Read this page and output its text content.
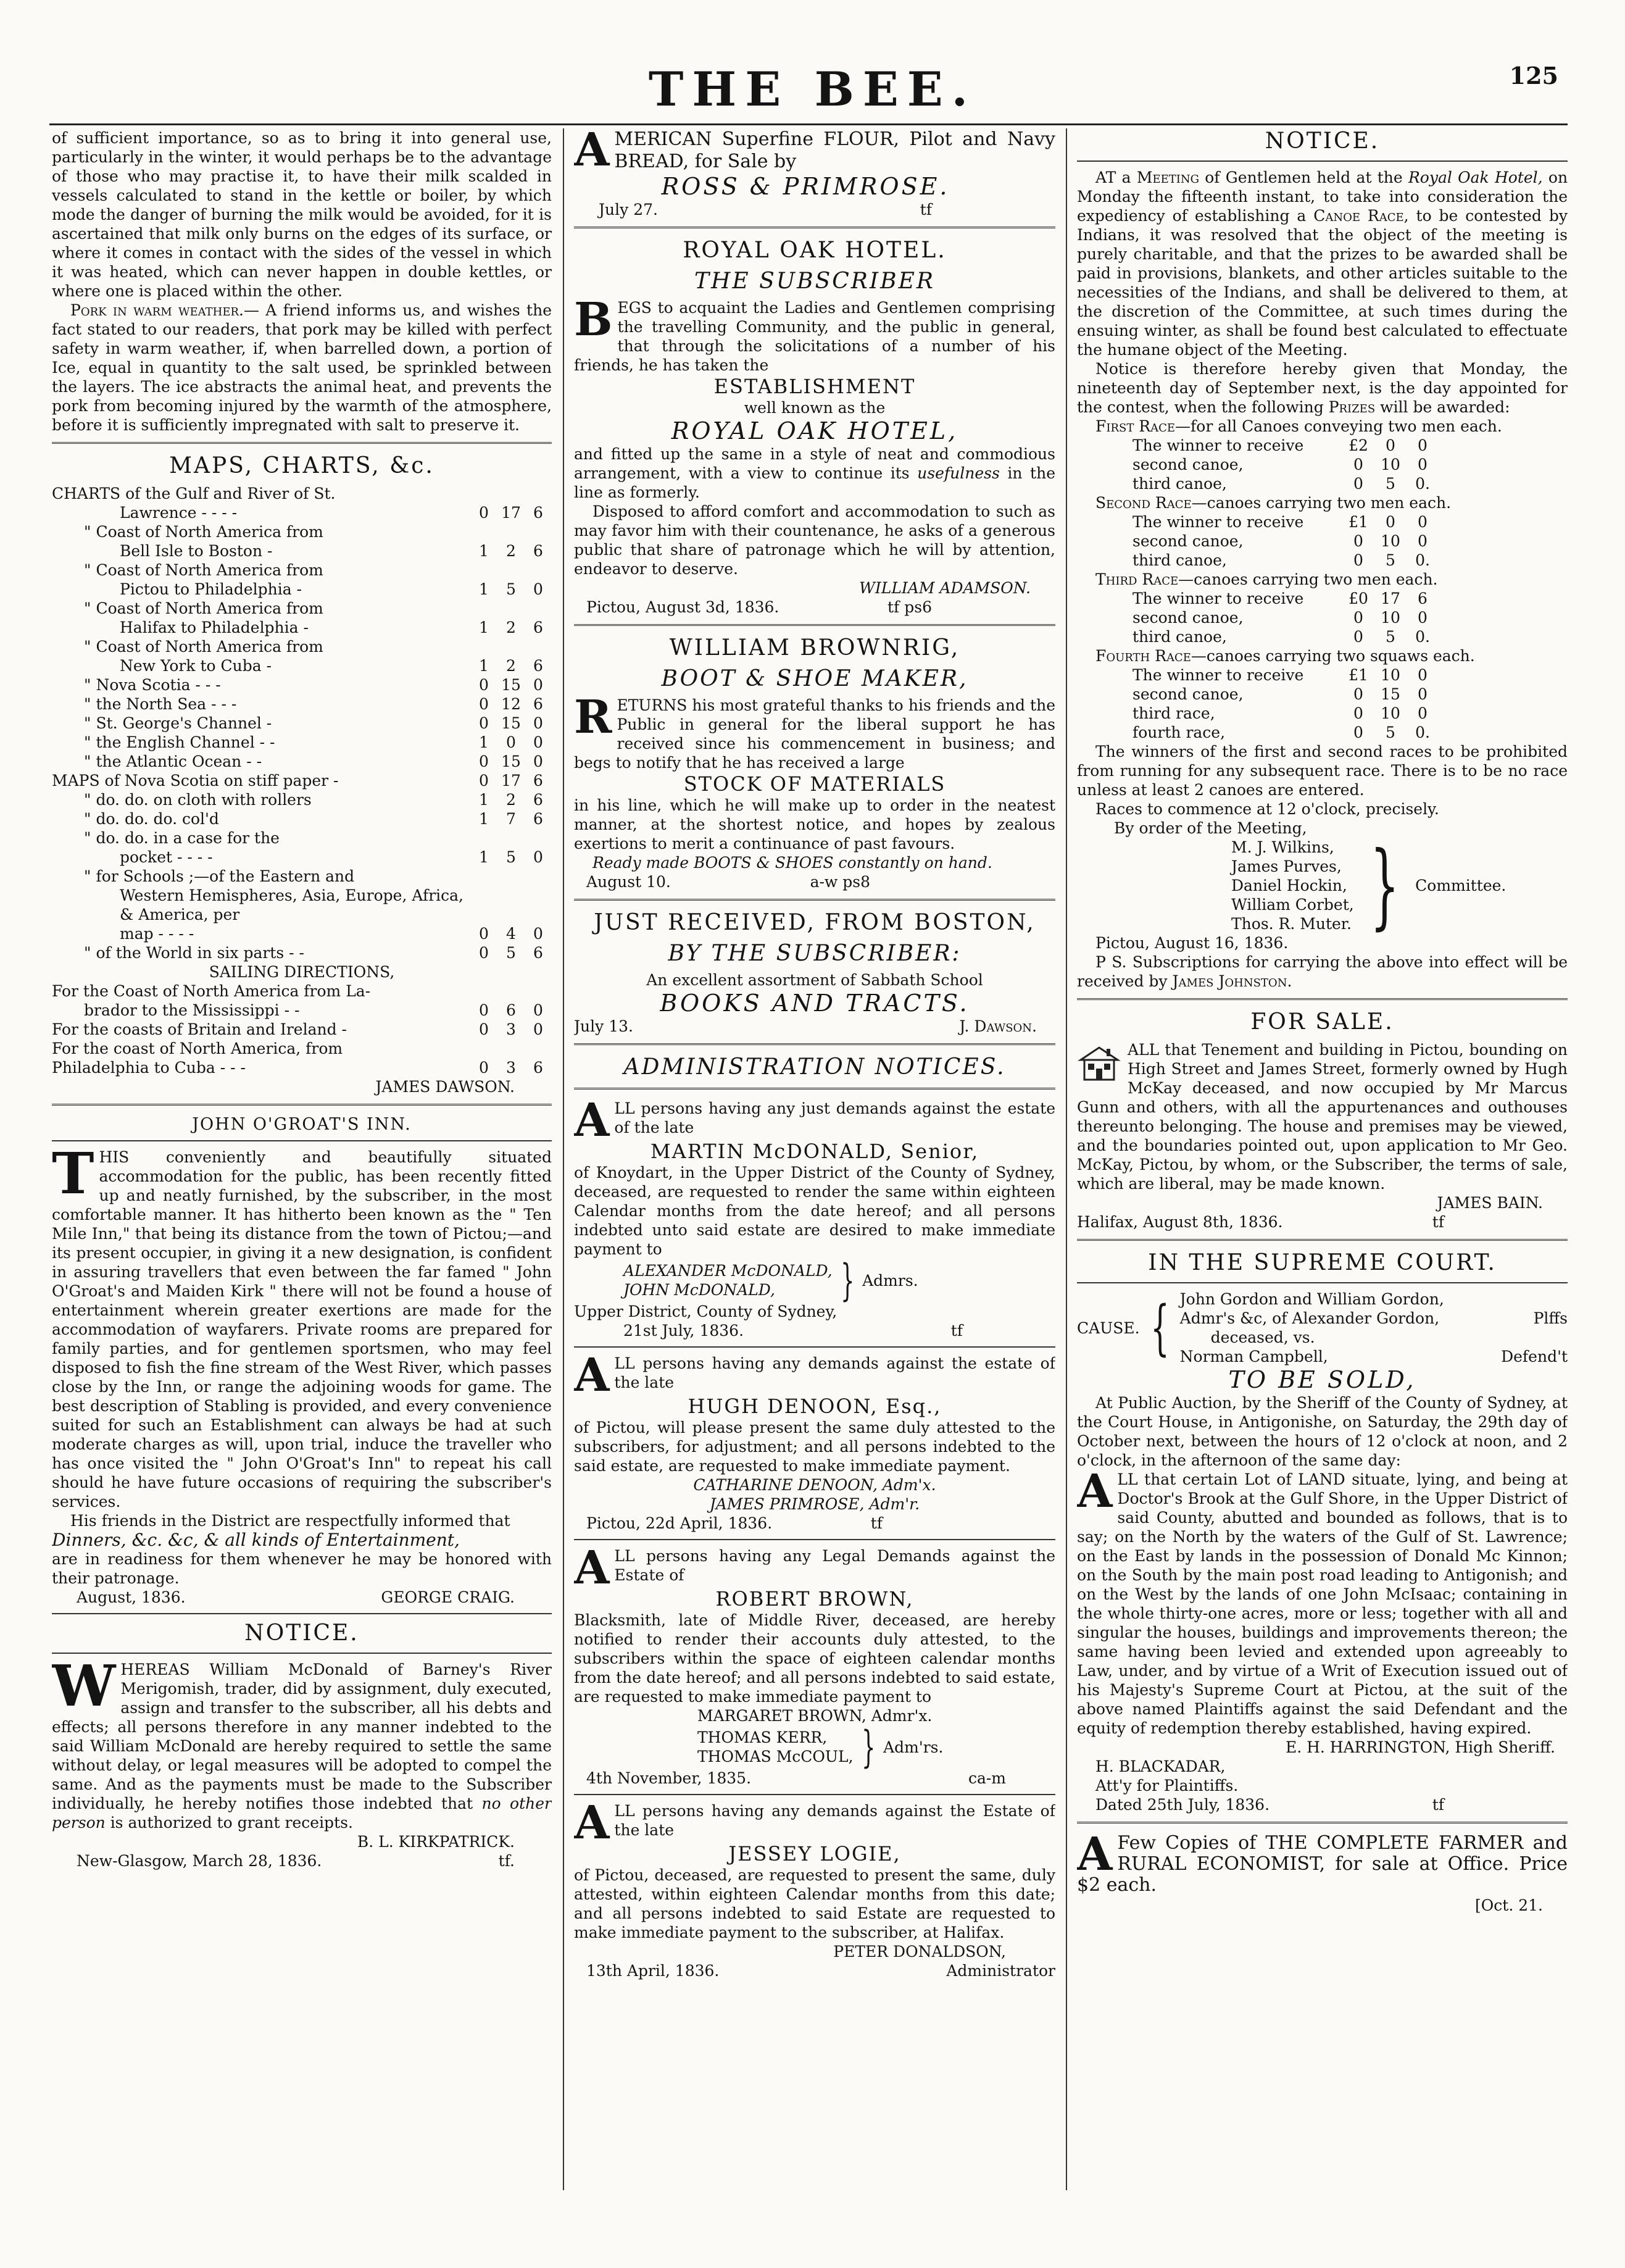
THE BEE.	125

of sufficient importance, so as to bring it into general use, particularly in the winter, it would perhaps be to the advantage of those who may practise it, to have their milk scalded in vessels calculated to stand in the kettle or boiler, by which mode the danger of burning the milk would be avoided, for it is ascertained that milk only burns on the edges of its surface, or where it comes in contact with the sides of the vessel in which it was heated, which can never happen in double kettles, or where one is placed within the other.

Pork in warm weather.— A friend informs us, and wishes the fact stated to our readers, that pork may be killed with perfect safety in warm weather, if, when barrelled down, a portion of Ice, equal in quantity to the salt used, be sprinkled between the layers. The ice abstracts the animal heat, and prevents the pork from becoming injured by the warmth of the atmosphere, before it is sufficiently impregnated with salt to preserve it.

MAPS, CHARTS, &c.
CHARTS of the Gulf and River of St.
Lawrence - - - -	0 17 6
" Coast of North America from
Bell Isle to Boston -	1	2	6
" Coast of North America from
Pictou to Philadelphia -	1	5	0
" Coast of North America from
Halifax to Philadelphia -	1	2	6
" Coast of North America from
New York to Cuba -	1	2	6
" Nova Scotia - - -	0 15 0
" the North Sea - - -	0 12 6
" St. George's Channel -	0 15 0
" the English Channel - -	1	0	0
" the Atlantic Ocean - -	0 15 0
MAPS of Nova Scotia on stiff paper -	0 17 6
" do. do. on cloth with rollers	1	2	6
" do. do. do. col'd	1	7	6
" do. do. in a case for the
pocket - - - -	1	5	0
" for Schools ;—of the Eastern and
Western Hemispheres, Asia, Europe, Africa, & America, per
map - - - -	0	4	0
" of the World in six parts - -	0	5	6
SAILING DIRECTIONS,
For the Coast of North America from La-
brador to the Mississippi - -	0	6	0
For the coasts of Britain and Ireland -	0	3	0
For the coast of North America, from
Philadelphia to Cuba - - -	0	3	6
JAMES DAWSON.
JOHN O'GROAT'S INN.

THIS conveniently and beautifully situated accommodation for the public, has been recently fitted up and neatly furnished, by the subscriber, in the most comfortable manner. It has hitherto been known as the " Ten Mile Inn," that being its distance from the town of Pictou;—and its present occupier, in giving it a new designation, is confident in assuring travellers that even between the far famed " John O'Groat's and Maiden Kirk " there will not be found a house of entertainment wherein greater exertions are made for the accommodation of wayfarers. Private rooms are prepared for family parties, and for gentlemen sportsmen, who may feel disposed to fish the fine stream of the West River, which passes close by the Inn, or range the adjoining woods for game. The best description of Stabling is provided, and every convenience suited for such an Establishment can always be had at such moderate charges as will, upon trial, induce the traveller who has once visited the " John O'Groat's Inn" to repeat his call should he have future occasions of requiring the subscriber's services.

His friends in the District are respectfully informed that

Dinners, &c. &c, & all kinds of Entertainment,

are in readiness for them whenever he may be honored with their patronage.

August, 1836.	GEORGE CRAIG.
NOTICE.

WHEREAS William McDonald of Barney's River Merigomish, trader, did by assignment, duly executed, assign and transfer to the subscriber, all his debts and effects; all persons therefore in any manner indebted to the said William McDonald are hereby required to settle the same without delay, or legal measures will be adopted to compel the same. And as the payments must be made to the Subscriber individually, he hereby notifies those indebted that no other person is authorized to grant receipts.

B. L. KIRKPATRICK.
New-Glasgow, March 28, 1836.	tf.

AMERICAN Superfine FLOUR, Pilot and Navy BREAD, for Sale by

ROSS & PRIMROSE.
July 27.	tf
ROYAL OAK HOTEL.
THE SUBSCRIBER

BEGS to acquaint the Ladies and Gentlemen comprising the travelling Community, and the public in general, that through the solicitations of a number of his friends, he has taken the

ESTABLISHMENT
well known as the
ROYAL OAK HOTEL,

and fitted up the same in a style of neat and commodious arrangement, with a view to continue its usefulness in the line as formerly.

Disposed to afford comfort and accommodation to such as may favor him with their countenance, he asks of a generous public that share of patronage which he will by attention, endeavor to deserve.

WILLIAM ADAMSON.
Pictou, August 3d, 1836.	tf ps6
WILLIAM BROWNRIG,
BOOT & SHOE MAKER,

RETURNS his most grateful thanks to his friends and the Public in general for the liberal support he has received since his commencement in business; and begs to notify that he has received a large

STOCK OF MATERIALS

in his line, which he will make up to order in the neatest manner, at the shortest notice, and hopes by zealous exertions to merit a continuance of past favours.

Ready made BOOTS & SHOES constantly on hand.

August 10.	a-w ps8
JUST RECEIVED, FROM BOSTON,
BY THE SUBSCRIBER:
An excellent assortment of Sabbath School
BOOKS AND TRACTS.
July 13.	J. Dawson.
ADMINISTRATION NOTICES.

ALL persons having any just demands against the estate of the late

MARTIN McDONALD, Senior,

of Knoydart, in the Upper District of the County of Sydney, deceased, are requested to render the same within eighteen Calendar months from the date hereof; and all persons indebted unto said estate are desired to make immediate payment to

ALEXANDER McDONALD,
JOHN McDONALD,	} Admrs.
Upper District, County of Sydney,
21st July, 1836.	tf

ALL persons having any demands against the estate of the late

HUGH DENOON, Esq.,

of Pictou, will please present the same duly attested to the subscribers, for adjustment; and all persons indebted to the said estate, are requested to make immediate payment.

CATHARINE DENOON, Adm'x.
JAMES PRIMROSE, Adm'r.
Pictou, 22d April, 1836.	tf

ALL persons having any Legal Demands against the Estate of

ROBERT BROWN,

Blacksmith, late of Middle River, deceased, are hereby notified to render their accounts duly attested, to the subscribers within the space of eighteen calendar months from the date hereof; and all persons indebted to said estate, are requested to make immediate payment to

MARGARET BROWN, Admr'x.
THOMAS KERR,
THOMAS McCOUL, } Adm'rs.
4th November, 1835.	ca-m

ALL persons having any demands against the Estate of the late

JESSEY LOGIE,

of Pictou, deceased, are requested to present the same, duly attested, within eighteen Calendar months from this date; and all persons indebted to said Estate are requested to make immediate payment to the subscriber, at Halifax.

PETER DONALDSON,
13th April, 1836.	Administrator
NOTICE.

AT a Meeting of Gentlemen held at the Royal Oak Hotel, on Monday the fifteenth instant, to take into consideration the expediency of establishing a Canoe Race, to be contested by Indians, it was resolved that the object of the meeting is purely charitable, and that the prizes to be awarded shall be paid in provisions, blankets, and other articles suitable to the necessities of the Indians, and shall be delivered to them, at the discretion of the Committee, at such times during the ensuing winter, as shall be found best calculated to effectuate the humane object of the Meeting.

Notice is therefore hereby given that Monday, the nineteenth day of September next, is the day appointed for the contest, when the following Prizes will be awarded:

First Race—for all Canoes conveying two men each.

The winner to receive	£2	0	0
second canoe,	0	10	0
third canoe,	0	5	0.

Second Race—canoes carrying two men each.

The winner to receive	£1	0	0
second canoe,	0	10	0
third canoe,	0	5	0.

Third Race—canoes carrying two men each.

The winner to receive	£0 17	6
second canoe,	0	10	0
third canoe,	0	5	0.

Fourth Race—canoes carrying two squaws each.

The winner to receive	£1 10	0
second canoe,	0	15	0
third race,	0	10	0
fourth race,	0	5	0.

The winners of the first and second races to be prohibited from running for any subsequent race. There is to be no race unless at least 2 canoes are entered.

Races to commence at 12 o'clock, precisely.

By order of the Meeting,

M. J. Wilkins,
James Purves,
Daniel Hockin,
William Corbet,
Thos. R. Muter. } Committee.
Pictou, August 16, 1836.

P S. Subscriptions for carrying the above into effect will be received by James Johnston.

FOR SALE.

ALL that Tenement and building in Pictou, bounding on High Street and James Street, formerly owned by Hugh McKay deceased, and now occupied by Mr Marcus Gunn and others, with all the appurtenances and outhouses thereunto belonging. The house and premises may be viewed, and the boundaries pointed out, upon application to Mr Geo. McKay, Pictou, by whom, or the Subscriber, the terms of sale, which are liberal, may be made known.

JAMES BAIN.
Halifax, August 8th, 1836.	tf
IN THE SUPREME COURT.
CAUSE. { John Gordon and William Gordon,
Admr's &c, of Alexander Gordon,	Plffs
deceased, vs.
Norman Campbell,	Defend't
TO BE SOLD,

At Public Auction, by the Sheriff of the County of Sydney, at the Court House, in Antigonishe, on Saturday, the 29th day of October next, between the hours of 12 o'clock at noon, and 2 o'clock, in the afternoon of the same day:

ALL that certain Lot of LAND situate, lying, and being at Doctor's Brook at the Gulf Shore, in the Upper District of said County, abutted and bounded as follows, that is to say; on the North by the waters of the Gulf of St. Lawrence; on the East by lands in the possession of Donald Mc Kinnon; on the South by the main post road leading to Antigonish; and on the West by the lands of one John McIsaac; containing in the whole thirty-one acres, more or less; together with all and singular the houses, buildings and improvements thereon; the same having been levied and extended upon agreeably to Law, under, and by virtue of a Writ of Execution issued out of his Majesty's Supreme Court at Pictou, at the suit of the above named Plaintiffs against the said Defendant and the equity of redemption thereby established, having expired.

E. H. HARRINGTON, High Sheriff.
H. BLACKADAR,
Att'y for Plaintiffs.
Dated 25th July, 1836.	tf

A Few Copies of THE COMPLETE FARMER and RURAL ECONOMIST, for sale at Office. Price $2 each.

[Oct. 21.
